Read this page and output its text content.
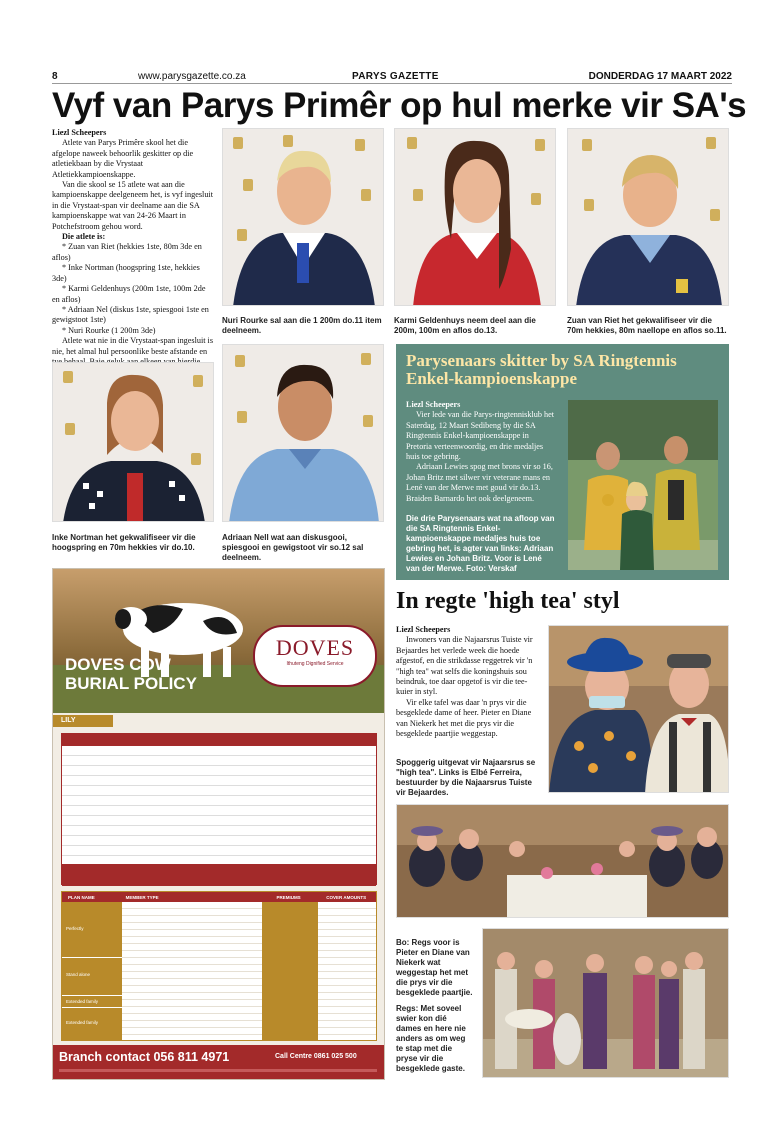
8	www.parysgazette.co.za	PARYS GAZETTE	DONDERDAG 17 MAART 2022
Vyf van Parys Primêr op hul merke vir SA's
Liezl Scheepers
Atlete van Parys Primêre skool het die afgelope naweek behoorlik geskitter op die atletiekbaan by die Vrystaat Atletiekkampioenskappe.
Van die skool se 15 atlete wat aan die kampioenskappe deelgeneem het, is vyf ingesluit in die Vrystaat-span vir deelname aan die SA kampioenskappe wat van 24-26 Maart in Potchefstroom gehou word.
Die atlete is:
* Zuan van Riet (hekkies 1ste, 80m 3de en aflos)
* Inke Nortman (hoogspring 1ste, hekkies 3de)
* Karmi Geldenhuys (200m 1ste, 100m 2de en aflos)
* Adriaan Nel (diskus 1ste, spiesgooi 1ste en gewigstoot 1ste)
* Nuri Rourke (1 200m 3de)
Atlete wat nie in die Vrystaat-span ingesluit is nie, het almal hul persoonlike beste afstande en
Nuri Rourke sal aan die 1 200m do.11 item deelneem.
Karmi Geldenhuys neem deel aan die 200m, 100m en aflos do.13.
Zuan van Riet het gekwalifiseer vir die 70m hekkies, 80m naellope en aflos so.11.
Inke Nortman het gekwalifiseer vir die hoogspring en 70m hekkies vir do.10.
Adriaan Nell wat aan diskusgooi, spiesgooi en gewigstoot vir so.12 sal deelneem.
Parysenaars skitter by SA Ringtennis Enkel-kampioenskappe
Liezl Scheepers
Vier lede van die Parys-ringtennisklub het Saterdag, 12 Maart Sedibeng by die SA Ringtennis Enkel-kampioenskappe in Pretoria verteenwoordig, en drie medaljes huis toe gebring.
Adriaan Lewies spog met brons vir so 16, Johan Britz met silwer vir veterane mans en Lené van der Merwe met goud vir do.13. Braiden Barnardo het ook deelgeneem.
Die drie Parysenaars wat na afloop van die SA Ringtennis Enkel-kampioenskappe medaljes huis toe gebring het, is agter van links: Adriaan Lewies en Johan Britz. Voor is Lené van der Merwe. Foto: Verskaf
In regte 'high tea' styl
Liezl Scheepers
Inwoners van die Najaarsrus Tuiste vir Bejaardes het verlede week die hoede afgestof, en die strikdasse reggetrek vir 'n "high tea" wat selfs die koningshuis sou beindruk, toe daar opgetof is vir die tee-kuier in styl.
Vir elke tafel was daar 'n prys vir die besgeklede dame of heer. Pieter en Diane van Niekerk het met die prys vir die besgeklede paartjie weggestap.
Spoggerig uitgevat vir Najaarsrus se "high tea". Links is Elbé Ferreira, bestuurder by die Najaarsrus Tuiste vir Bejaardes.
Bo: Regs voor is Pieter en Diane van Niekerk wat weggestap het met die prys vir die besgeklede paartjie.
Regs: Met soveel swier kon dié dames en here nie anders as om weg te stap met die pryse vir die besgeklede gaste.
DOVES COW
BURIAL POLICY
DOVES
Ithuteng Dignified Service
LILY
PLAN NAME	MEMBER TYPE	PREMIUMS	COVER AMOUNTS
Perfectly
Stand alone
Extended family
Extended family
Branch contact 056 811 4971	Call Centre 0861 025 500
